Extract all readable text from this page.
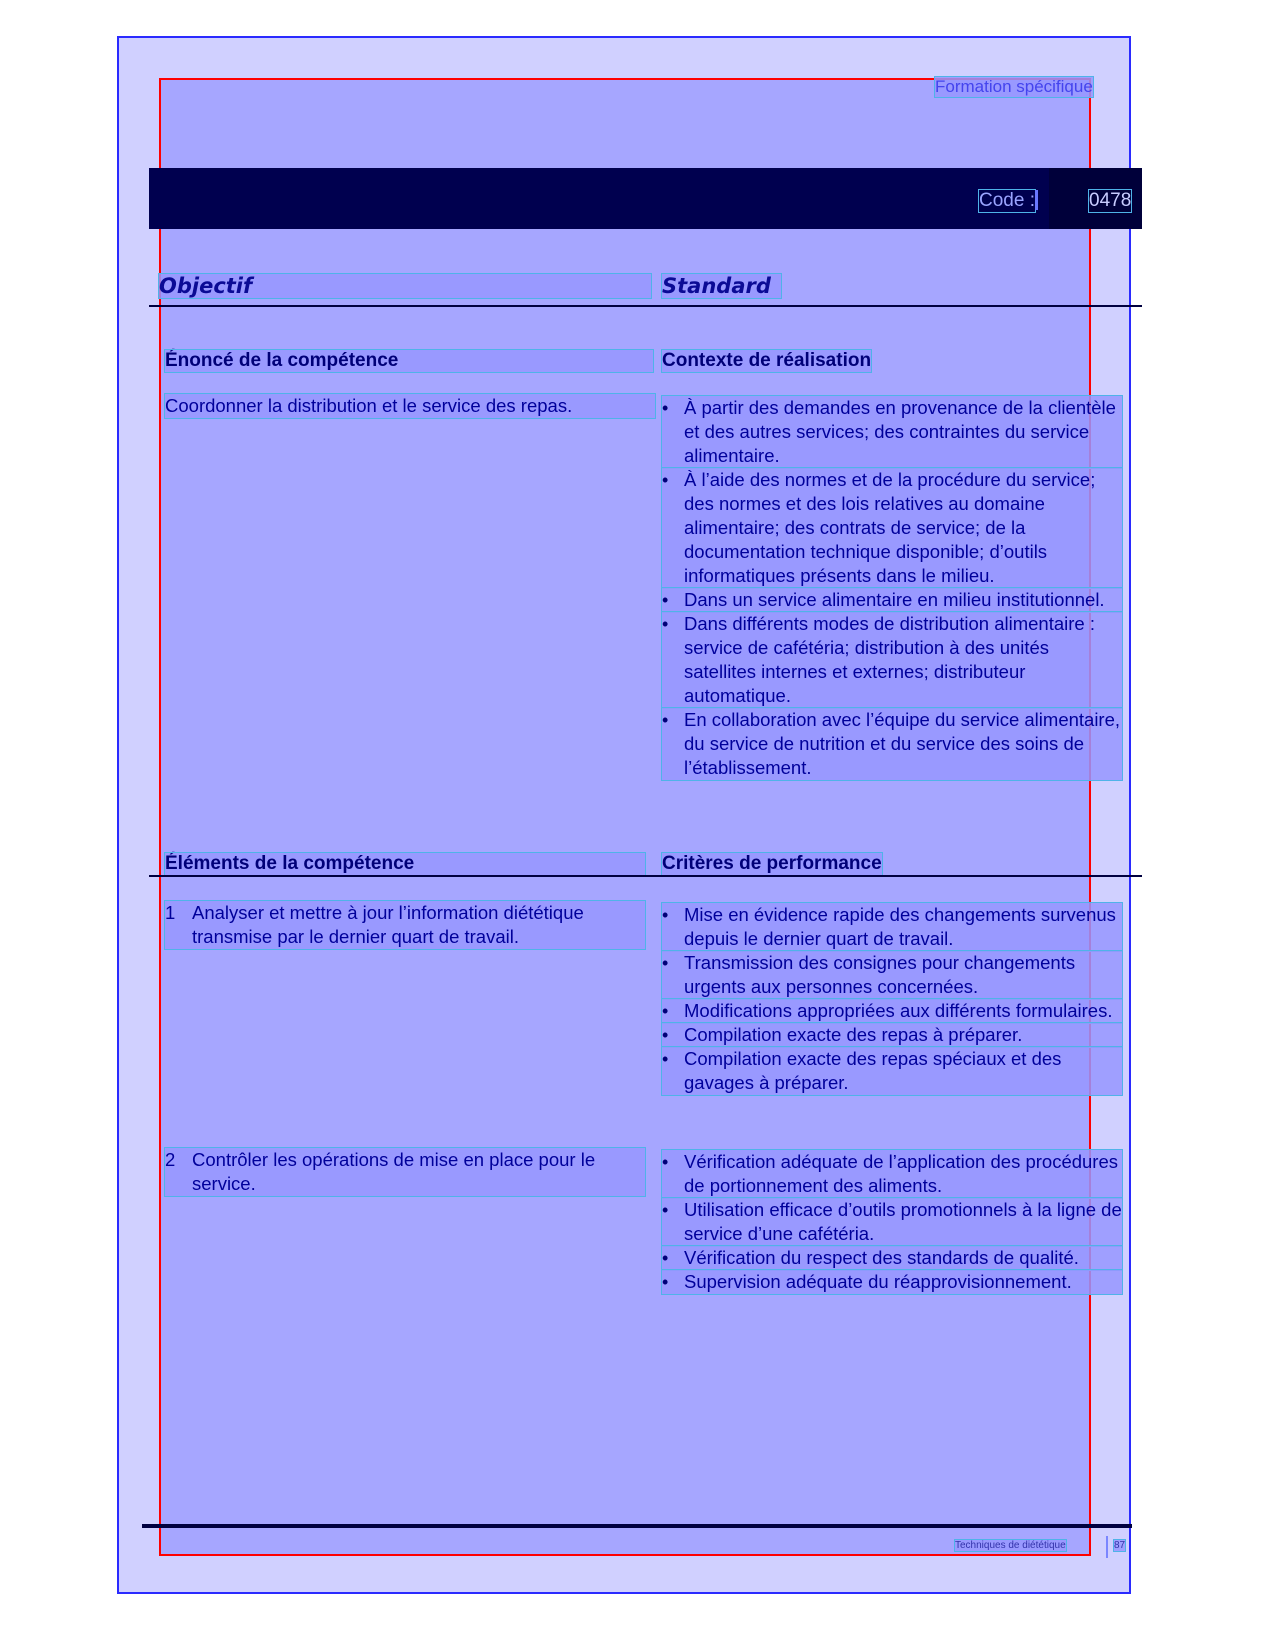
Formation spécifique
Code :	0478
Objectif	Standard
Énoncé de la compétence	Contexte de réalisation
Coordonner la distribution et le service des repas.
•	À partir des demandes en provenance de la clientèle et des autres services; des contraintes du service alimentaire.
• À l’aide des normes et de la procédure du service; des normes et des lois relatives au domaine alimentaire; des contrats de service; de la documentation technique disponible; d’outils informatiques présents dans le milieu.
• Dans un service alimentaire en milieu institutionnel.
• Dans différents modes de distribution alimentaire : service de cafétéria; distribution à des unités satellites internes et externes; distributeur automatique.
• En collaboration avec l’équipe du service alimentaire, du service de nutrition et du service des soins de l’établissement.
Éléments de la compétence	Critères de performance
1 Analyser et mettre à jour l’information diététique transmise par le dernier quart de travail.
• Mise en évidence rapide des changements survenus depuis le dernier quart de travail.
• Transmission des consignes pour changements urgents aux personnes concernées.
• Modifications appropriées aux différents formulaires.
• Compilation exacte des repas à préparer.
• Compilation exacte des repas spéciaux et des gavages à préparer.
2 Contrôler les opérations de mise en place pour le service.
• Vérification adéquate de l’application des procédures de portionnement des aliments.
• Utilisation efficace d’outils promotionnels à la ligne de service d’une cafétéria.
• Vérification du respect des standards de qualité.
• Supervision adéquate du réapprovisionnement.
Techniques de diététique	87
